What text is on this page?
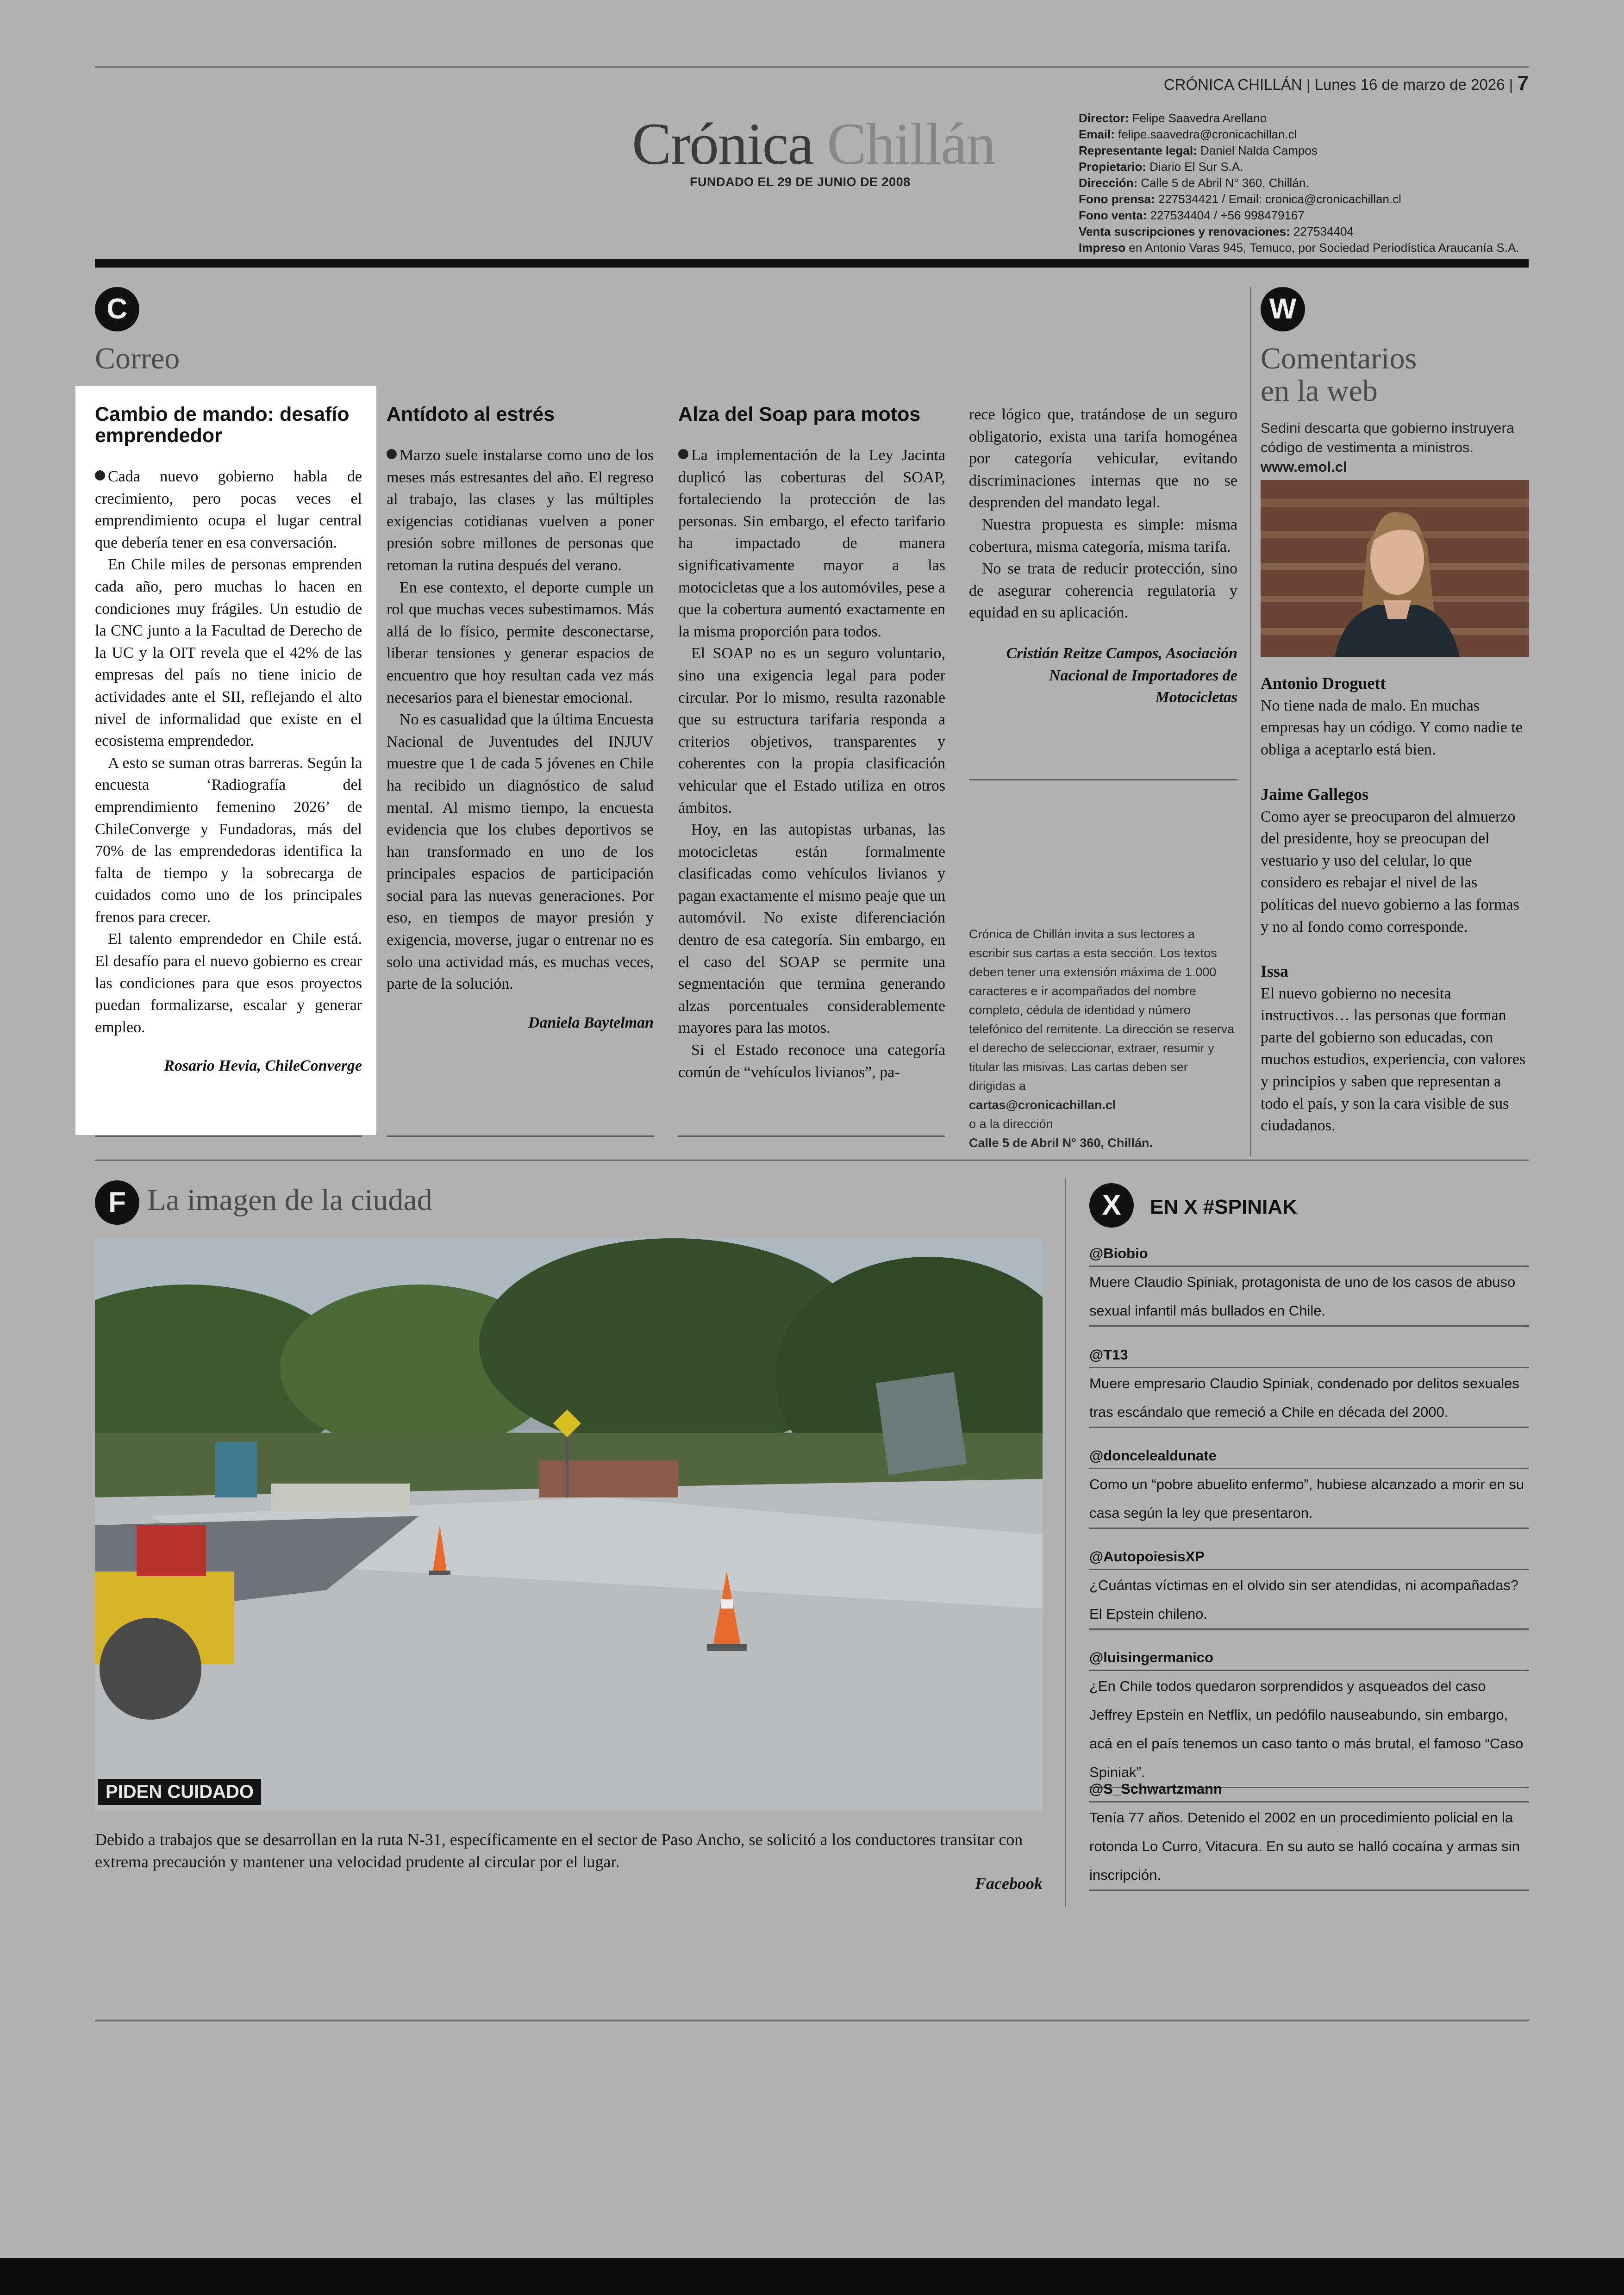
CRÓNICA CHILLÁN | Lunes 16 de marzo de 2026 | 7
Crónica Chillán
FUNDADO EL 29 DE JUNIO DE 2008
Director: Felipe Saavedra Arellano
Email: felipe.saavedra@cronicachillan.cl
Representante legal: Daniel Nalda Campos
Propietario: Diario El Sur S.A.
Dirección: Calle 5 de Abril N° 360, Chillán.
Fono prensa: 227534421 / Email: cronica@cronicachillan.cl
Fono venta: 227534404 / +56 998479167
Venta suscripciones y renovaciones: 227534404
Impreso en Antonio Varas 945, Temuco, por Sociedad Periodística Araucanía S.A.
C
Correo
Cambio de mando: desafío emprendedor

Cada nuevo gobierno habla de crecimiento, pero pocas veces el emprendimiento ocupa el lugar central que debería tener en esa conversación.

En Chile miles de personas emprenden cada año, pero muchas lo hacen en condiciones muy frágiles. Un estudio de la CNC junto a la Facultad de Derecho de la UC y la OIT revela que el 42% de las empresas del país no tiene inicio de actividades ante el SII, reflejando el alto nivel de informalidad que existe en el ecosistema emprendedor.

A esto se suman otras barreras. Según la encuesta ‘Radiografía del emprendimiento femenino 2026’ de ChileConverge y Fundadoras, más del 70% de las emprendedoras identifica la falta de tiempo y la sobrecarga de cuidados como uno de los principales frenos para crecer.

El talento emprendedor en Chile está. El desafío para el nuevo gobierno es crear las condiciones para que esos proyectos puedan formalizarse, escalar y generar empleo.

Rosario Hevia, ChileConverge

Antídoto al estrés

Marzo suele instalarse como uno de los meses más estresantes del año. El regreso al trabajo, las clases y las múltiples exigencias cotidianas vuelven a poner presión sobre millones de personas que retoman la rutina después del verano.

En ese contexto, el deporte cumple un rol que muchas veces subestimamos. Más allá de lo físico, permite desconectarse, liberar tensiones y generar espacios de encuentro que hoy resultan cada vez más necesarios para el bienestar emocional.

No es casualidad que la última Encuesta Nacional de Juventudes del INJUV muestre que 1 de cada 5 jóvenes en Chile ha recibido un diagnóstico de salud mental. Al mismo tiempo, la encuesta evidencia que los clubes deportivos se han transformado en uno de los principales espacios de participación social para las nuevas generaciones. Por eso, en tiempos de mayor presión y exigencia, moverse, jugar o entrenar no es solo una actividad más, es muchas veces, parte de la solución.

Daniela Baytelman

Alza del Soap para motos

La implementación de la Ley Jacinta duplicó las coberturas del SOAP, fortaleciendo la protección de las personas. Sin embargo, el efecto tarifario ha impactado de manera significativamente mayor a las motocicletas que a los automóviles, pese a que la cobertura aumentó exactamente en la misma proporción para todos.

El SOAP no es un seguro voluntario, sino una exigencia legal para poder circular. Por lo mismo, resulta razonable que su estructura tarifaria responda a criterios objetivos, transparentes y coherentes con la propia clasificación vehicular que el Estado utiliza en otros ámbitos.

Hoy, en las autopistas urbanas, las motocicletas están formalmente clasificadas como vehículos livianos y pagan exactamente el mismo peaje que un automóvil. No existe diferenciación dentro de esa categoría. Sin embargo, en el caso del SOAP se permite una segmentación que termina generando alzas porcentuales considerablemente mayores para las motos.

Si el Estado reconoce una categoría común de “vehículos livianos”, pa-

rece lógico que, tratándose de un seguro obligatorio, exista una tarifa homogénea por categoría vehicular, evitando discriminaciones internas que no se desprenden del mandato legal.

Nuestra propuesta es simple: misma cobertura, misma categoría, misma tarifa.

No se trata de reducir protección, sino de asegurar coherencia regulatoria y equidad en su aplicación.

Cristián Reitze Campos, Asociación Nacional de Importadores de Motocicletas

Crónica de Chillán invita a sus lectores a escribir sus cartas a esta sección. Los textos deben tener una extensión máxima de 1.000 caracteres e ir acompañados del nombre completo, cédula de identidad y número telefónico del remitente. La dirección se reserva el derecho de seleccionar, extraer, resumir y titular las misivas. Las cartas deben ser dirigidas a
cartas@cronicachillan.cl
o a la dirección
Calle 5 de Abril N° 360, Chillán.
W
Comentarios
en la web
Sedini descarta que gobierno instruyera código de vestimenta a ministros.
www.emol.cl
Antonio Droguett
No tiene nada de malo. En muchas empresas hay un código. Y como nadie te obliga a aceptarlo está bien.
Jaime Gallegos
Como ayer se preocuparon del almuerzo del presidente, hoy se preocupan del vestuario y uso del celular, lo que considero es rebajar el nivel de las políticas del nuevo gobierno a las formas y no al fondo como corresponde.
Issa
El nuevo gobierno no necesita instructivos… las personas que forman parte del gobierno son educadas, con muchos estudios, experiencia, con valores y principios y saben que representan a todo el país, y son la cara visible de sus ciudadanos.
F La imagen de la ciudad
PIDEN CUIDADO
Debido a trabajos que se desarrollan en la ruta N-31, específicamente en el sector de Paso Ancho, se solicitó a los conductores transitar con extrema precaución y mantener una velocidad prudente al circular por el lugar.
Facebook
X	EN X #SPINIAK
@Biobio
Muere Claudio Spiniak, protagonista de uno de los casos de abuso sexual infantil más bullados en Chile.
@T13
Muere empresario Claudio Spiniak, condenado por delitos sexuales tras escándalo que remeció a Chile en década del 2000.
@doncelealdunate
Como un “pobre abuelito enfermo”, hubiese alcanzado a morir en su casa según la ley que presentaron.
@AutopoiesisXP
¿Cuántas víctimas en el olvido sin ser atendidas, ni acompañadas? El Epstein chileno.
@luisingermanico
¿En Chile todos quedaron sorprendidos y asqueados del caso Jeffrey Epstein en Netflix, un pedófilo nauseabundo, sin embargo, acá en el país tenemos un caso tanto o más brutal, el famoso “Caso Spiniak”.
@S_Schwartzmann
Tenía 77 años. Detenido el 2002 en un procedimiento policial en la rotonda Lo Curro, Vitacura. En su auto se halló cocaína y armas sin inscripción.
